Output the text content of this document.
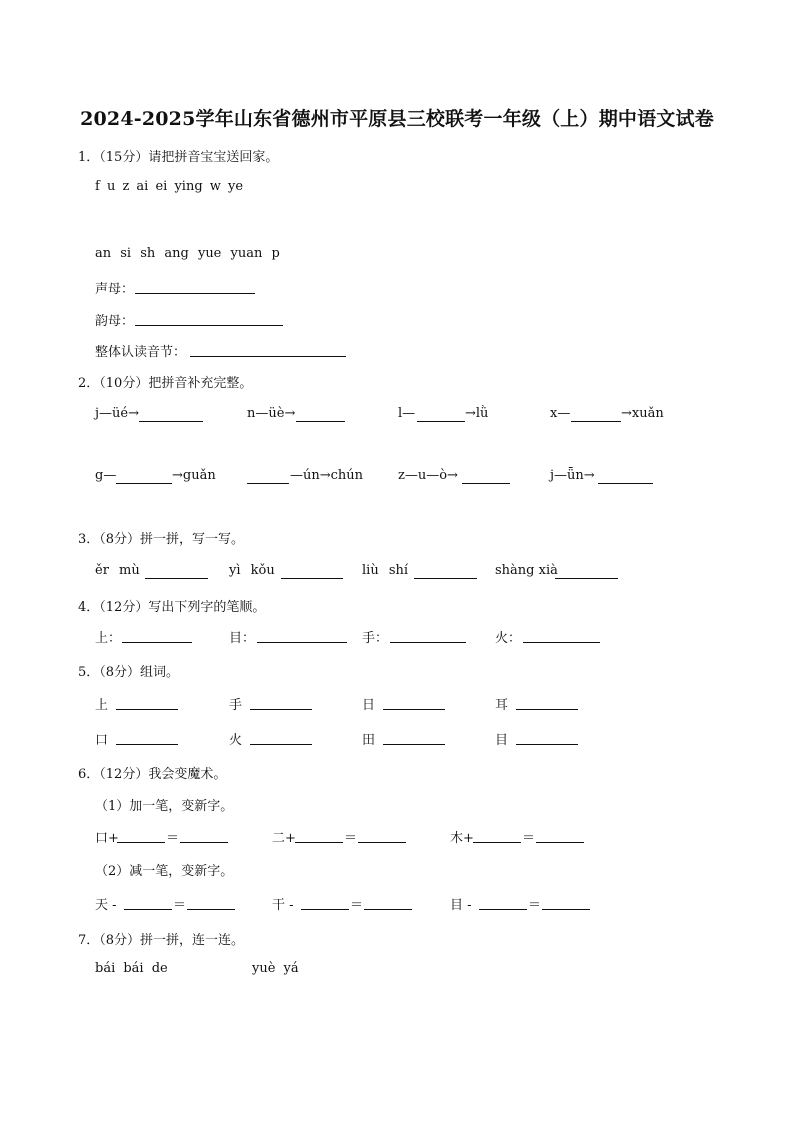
2024-2025学年山东省德州市平原县三校联考一年级（上）期中语文试卷
1．（15分）请把拼音宝宝送回家。
f u z ai ei ying w ye
an si sh ang yue yuan p
声母：
韵母：
整体认读音节：
2．（10分）把拼音补充完整。
j—üé→	n—üè→	l—	→lǜ	x—	→xuǎn
g—	→guǎn	—ún→chún	z—u—ò→	j—ǖn→
3．（8分）拼一拼，写一写。
ěr mù	yì kǒu	liù shí	shàng xià
4．（12分）写出下列字的笔顺。
上：	目：	手：	火：
5．（8分）组词。
上	手	日	耳
口	火	田	目
6．（12分）我会变魔术。
（1）加一笔，变新字。
口+	＝	二+	＝	木+	＝
（2）减一笔，变新字。
天 -	＝	干 -	＝	目 -	＝
7．（8分）拼一拼，连一连。
bái bái de	yuè yá
